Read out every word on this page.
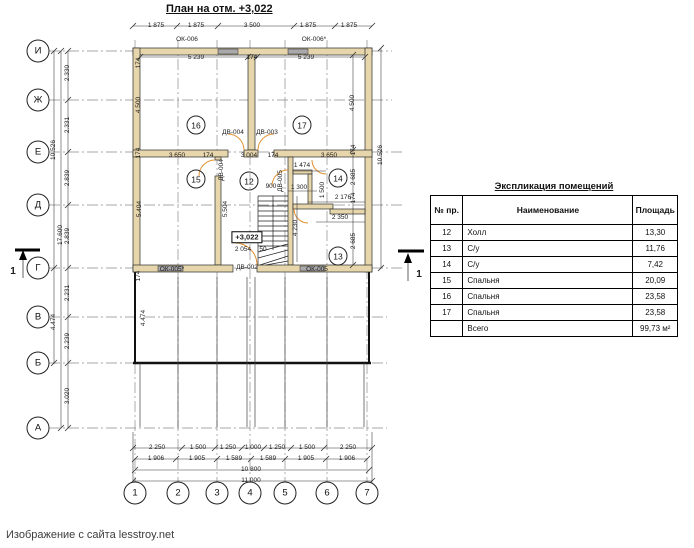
План на отм. +3,022
И
Ж
Е
Д
Г
В
Б
А
1	2	3	4	5	6	7
16	17
15	12	14
13
1 875	1 875	3 500	1 875	1 875
ОК-006	ОК-006*
5 239	174	5 239
174
4 500
174
5.404
174
2.330
2.331
2.839
2.839
10.526
17.600
2.231
4.474
2.239
3.020
3 650	174	3 004 174	3 650
ДВ-004 ДВ-003
ДВ-004
ДВ-005
5.504
1 474
1 300
900
2 176
2 350
4 230
1 500
2 054 50
+3,022
4 500
174
2 685
174
2 685
10.526
ОК-005*	ДВ-002	ОК-005
4.474
1	1
2 250	1 500 1 250 1 000 1 250 1 500	2 250
1 906	1 905	1 589	1 589	1 905	1 906
10 800
11 000
Экспликация помещений
№ пр.	Наименование	Площадь
12	Холл	13,30
13	С/у	11,76
14	С/у	7,42
15	Спальня	20,09
16	Спальня	23,58
17	Спальня	23,58
	Всего	99,73 м²
Изображение с сайта lesstroy.net
